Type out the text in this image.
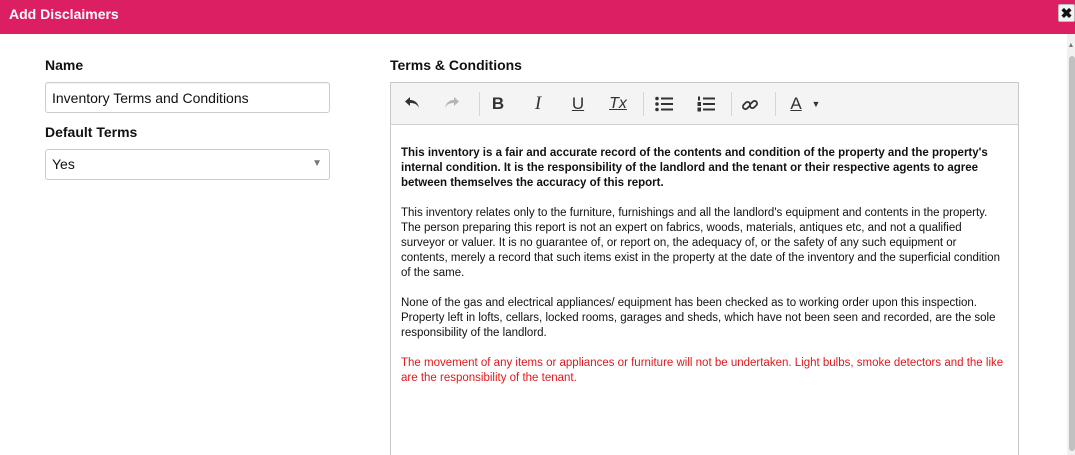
Add Disclaimers	✖
Name
Inventory Terms and Conditions
Default Terms
Yes	▼
Terms & Conditions
B	I	U	Tx	A	▼

This inventory is a fair and accurate record of the contents and condition of the property and the property's internal condition. It is the responsibility of the landlord and the tenant or their respective agents to agree between themselves the accuracy of this report.

This inventory relates only to the furniture, furnishings and all the landlord's equipment and contents in the property. The person preparing this report is not an expert on fabrics, woods, materials, antiques etc, and not a qualified surveyor or valuer. It is no guarantee of, or report on, the adequacy of, or the safety of any such equipment or contents, merely a record that such items exist in the property at the date of the inventory and the superficial condition of the same.

None of the gas and electrical appliances/ equipment has been checked as to working order upon this inspection. Property left in lofts, cellars, locked rooms, garages and sheds, which have not been seen and recorded, are the sole responsibility of the landlord.

The movement of any items or appliances or furniture will not be undertaken. Light bulbs, smoke detectors and the like are the responsibility of the tenant.

▲
